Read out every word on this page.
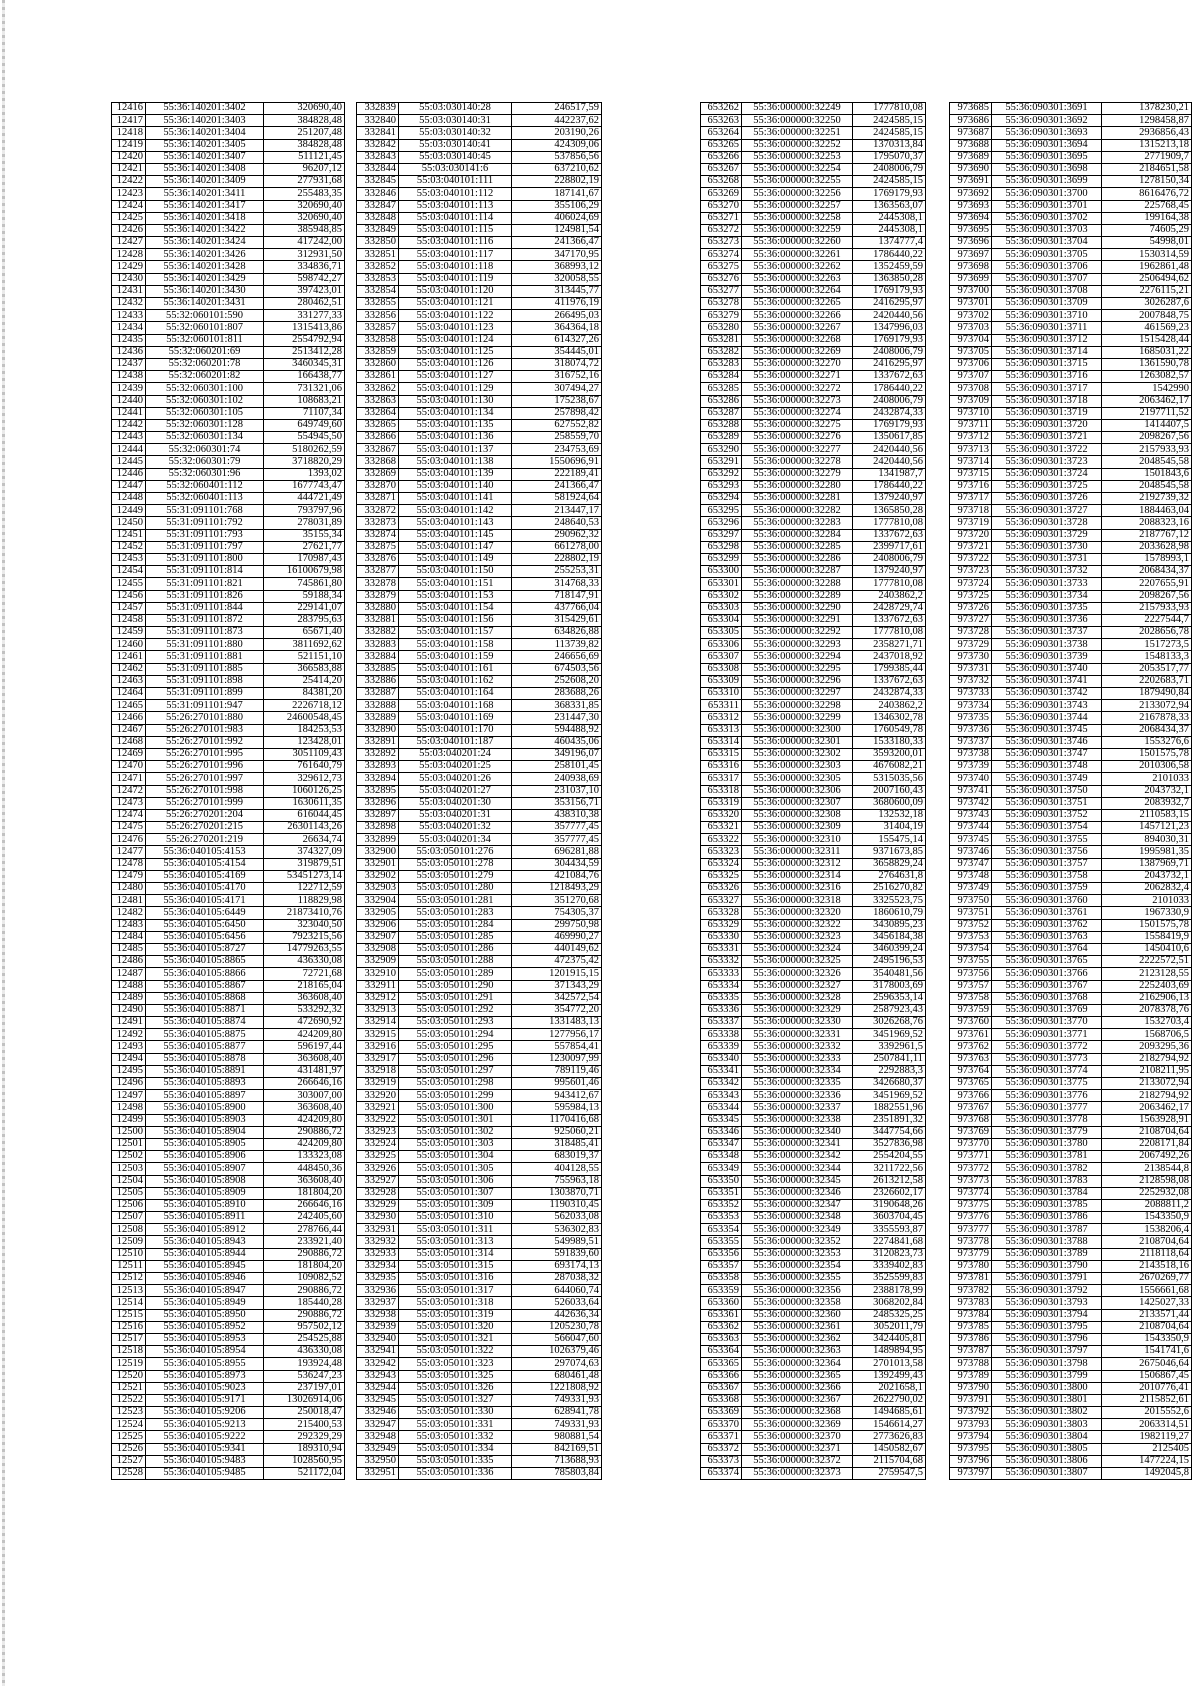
12416	55:36:140201:3402	320690,40
12417	55:36:140201:3403	384828,48
12418	55:36:140201:3404	251207,48
12419	55:36:140201:3405	384828,48
12420	55:36:140201:3407	511121,45
12421	55:36:140201:3408	96207,12
12422	55:36:140201:3409	277931,68
12423	55:36:140201:3411	255483,35
12424	55:36:140201:3417	320690,40
12425	55:36:140201:3418	320690,40
12426	55:36:140201:3422	385948,85
12427	55:36:140201:3424	417242,00
12428	55:36:140201:3426	312931,50
12429	55:36:140201:3428	334836,71
12430	55:36:140201:3429	598742,27
12431	55:36:140201:3430	397423,01
12432	55:36:140201:3431	280462,51
12433	55:32:060101:590	331277,33
12434	55:32:060101:807	1315413,86
12435	55:32:060101:811	2554792,94
12436	55:32:060201:69	2513412,28
12437	55:32:060201:78	3460345,31
12438	55:32:060201:82	166438,77
12439	55:32:060301:100	731321,06
12440	55:32:060301:102	108683,21
12441	55:32:060301:105	71107,34
12442	55:32:060301:128	649749,60
12443	55:32:060301:134	554945,50
12444	55:32:060301:74	5180262,59
12445	55:32:060301:79	3718820,29
12446	55:32:060301:96	1393,02
12447	55:32:060401:112	1677743,47
12448	55:32:060401:113	444721,49
12449	55:31:091101:768	793797,96
12450	55:31:091101:792	278031,89
12451	55:31:091101:793	35155,34
12452	55:31:091101:797	27621,77
12453	55:31:091101:800	170987,43
12454	55:31:091101:814	16100679,98
12455	55:31:091101:821	745861,80
12456	55:31:091101:826	59188,34
12457	55:31:091101:844	229141,07
12458	55:31:091101:872	283795,63
12459	55:31:091101:873	65671,40
12460	55:31:091101:880	3811692,62
12461	55:31:091101:881	521151,10
12462	55:31:091101:885	366583,88
12463	55:31:091101:898	25414,20
12464	55:31:091101:899	84381,20
12465	55:31:091101:947	2226718,12
12466	55:26:270101:880	24600548,45
12467	55:26:270101:983	184253,53
12468	55:26:270101:992	123428,01
12469	55:26:270101:995	3051109,43
12470	55:26:270101:996	761640,79
12471	55:26:270101:997	329612,73
12472	55:26:270101:998	1060126,25
12473	55:26:270101:999	1630611,35
12474	55:26:270201:204	616044,45
12475	55:26:270201:215	26301143,26
12476	55:26:270201:219	26634,74
12477	55:36:040105:4153	374327,09
12478	55:36:040105:4154	319879,51
12479	55:36:040105:4169	53451273,14
12480	55:36:040105:4170	122712,59
12481	55:36:040105:4171	118829,98
12482	55:36:040105:6449	21873410,76
12483	55:36:040105:6450	323040,50
12484	55:36:040105:6456	7923215,56
12485	55:36:040105:8727	14779263,55
12486	55:36:040105:8865	436330,08
12487	55:36:040105:8866	72721,68
12488	55:36:040105:8867	218165,04
12489	55:36:040105:8868	363608,40
12490	55:36:040105:8871	533292,32
12491	55:36:040105:8874	472690,92
12492	55:36:040105:8875	424209,80
12493	55:36:040105:8877	596197,44
12494	55:36:040105:8878	363608,40
12495	55:36:040105:8891	431481,97
12496	55:36:040105:8893	266646,16
12497	55:36:040105:8897	303007,00
12498	55:36:040105:8900	363608,40
12499	55:36:040105:8903	424209,80
12500	55:36:040105:8904	290886,72
12501	55:36:040105:8905	424209,80
12502	55:36:040105:8906	133323,08
12503	55:36:040105:8907	448450,36
12504	55:36:040105:8908	363608,40
12505	55:36:040105:8909	181804,20
12506	55:36:040105:8910	266646,16
12507	55:36:040105:8911	242405,60
12508	55:36:040105:8912	278766,44
12509	55:36:040105:8943	233921,40
12510	55:36:040105:8944	290886,72
12511	55:36:040105:8945	181804,20
12512	55:36:040105:8946	109082,52
12513	55:36:040105:8947	290886,72
12514	55:36:040105:8949	185440,28
12515	55:36:040105:8950	290886,72
12516	55:36:040105:8952	957502,12
12517	55:36:040105:8953	254525,88
12518	55:36:040105:8954	436330,08
12519	55:36:040105:8955	193924,48
12520	55:36:040105:8973	536247,23
12521	55:36:040105:9023	237197,01
12522	55:36:040105:9171	13026914,06
12523	55:36:040105:9206	250018,47
12524	55:36:040105:9213	215400,53
12525	55:36:040105:9222	292329,29
12526	55:36:040105:9341	189310,94
12527	55:36:040105:9483	1028560,95
12528	55:36:040105:9485	521172,04
332839	55:03:030140:28	246517,59
332840	55:03:030140:31	442237,62
332841	55:03:030140:32	203190,26
332842	55:03:030140:41	424309,06
332843	55:03:030140:45	537856,56
332844	55:03:030141:6	637210,62
332845	55:03:040101:111	228802,19
332846	55:03:040101:112	187141,67
332847	55:03:040101:113	355106,29
332848	55:03:040101:114	406024,69
332849	55:03:040101:115	124981,54
332850	55:03:040101:116	241366,47
332851	55:03:040101:117	347170,95
332852	55:03:040101:118	368993,12
332853	55:03:040101:119	320058,55
332854	55:03:040101:120	313445,77
332855	55:03:040101:121	411976,19
332856	55:03:040101:122	266495,03
332857	55:03:040101:123	364364,18
332858	55:03:040101:124	614327,26
332859	55:03:040101:125	354445,01
332860	55:03:040101:126	318074,72
332861	55:03:040101:127	316752,16
332862	55:03:040101:129	307494,27
332863	55:03:040101:130	175238,67
332864	55:03:040101:134	257898,42
332865	55:03:040101:135	627552,82
332866	55:03:040101:136	258559,70
332867	55:03:040101:137	234753,69
332868	55:03:040101:138	1550696,91
332869	55:03:040101:139	222189,41
332870	55:03:040101:140	241366,47
332871	55:03:040101:141	581924,64
332872	55:03:040101:142	213447,17
332873	55:03:040101:143	248640,53
332874	55:03:040101:145	290962,32
332875	55:03:040101:147	661278,00
332876	55:03:040101:149	228802,19
332877	55:03:040101:150	255253,31
332878	55:03:040101:151	314768,33
332879	55:03:040101:153	718147,91
332880	55:03:040101:154	437766,04
332881	55:03:040101:156	315429,61
332882	55:03:040101:157	634826,88
332883	55:03:040101:158	113739,82
332884	55:03:040101:159	246656,69
332885	55:03:040101:161	674503,56
332886	55:03:040101:162	252608,20
332887	55:03:040101:164	283688,26
332888	55:03:040101:168	368331,85
332889	55:03:040101:169	231447,30
332890	55:03:040101:170	594488,92
332891	55:03:040101:187	460435,06
332892	55:03:040201:24	349196,07
332893	55:03:040201:25	258101,45
332894	55:03:040201:26	240938,69
332895	55:03:040201:27	231037,10
332896	55:03:040201:30	353156,71
332897	55:03:040201:31	438310,38
332898	55:03:040201:32	357777,45
332899	55:03:040201:34	357777,45
332900	55:03:050101:276	696281,88
332901	55:03:050101:278	304434,59
332902	55:03:050101:279	421084,76
332903	55:03:050101:280	1218493,29
332904	55:03:050101:281	351270,68
332905	55:03:050101:283	754305,37
332906	55:03:050101:284	299750,98
332907	55:03:050101:285	469990,27
332908	55:03:050101:286	440149,62
332909	55:03:050101:288	472375,42
332910	55:03:050101:289	1201915,15
332911	55:03:050101:290	371343,29
332912	55:03:050101:291	342572,54
332913	55:03:050101:292	354772,20
332914	55:03:050101:293	1331483,13
332915	55:03:050101:294	1277956,17
332916	55:03:050101:295	557854,41
332917	55:03:050101:296	1230097,99
332918	55:03:050101:297	789119,46
332919	55:03:050101:298	995601,46
332920	55:03:050101:299	943412,67
332921	55:03:050101:300	595984,13
332922	55:03:050101:301	1170416,68
332923	55:03:050101:302	925060,21
332924	55:03:050101:303	318485,41
332925	55:03:050101:304	683019,37
332926	55:03:050101:305	404128,55
332927	55:03:050101:306	755963,18
332928	55:03:050101:307	1303870,71
332929	55:03:050101:309	1190310,45
332930	55:03:050101:310	562033,08
332931	55:03:050101:311	536302,83
332932	55:03:050101:313	549989,51
332933	55:03:050101:314	591839,60
332934	55:03:050101:315	693174,13
332935	55:03:050101:316	287038,32
332936	55:03:050101:317	644060,74
332937	55:03:050101:318	526033,64
332938	55:03:050101:319	442636,34
332939	55:03:050101:320	1205230,78
332940	55:03:050101:321	566047,60
332941	55:03:050101:322	1026379,46
332942	55:03:050101:323	297074,63
332943	55:03:050101:325	680461,48
332944	55:03:050101:326	1221808,92
332945	55:03:050101:327	749331,93
332946	55:03:050101:330	628941,78
332947	55:03:050101:331	749331,93
332948	55:03:050101:332	980881,54
332949	55:03:050101:334	842169,51
332950	55:03:050101:335	713688,93
332951	55:03:050101:336	785803,84
653262	55:36:000000:32249	1777810,08
653263	55:36:000000:32250	2424585,15
653264	55:36:000000:32251	2424585,15
653265	55:36:000000:32252	1370313,84
653266	55:36:000000:32253	1795070,37
653267	55:36:000000:32254	2408006,79
653268	55:36:000000:32255	2424585,15
653269	55:36:000000:32256	1769179,93
653270	55:36:000000:32257	1363563,07
653271	55:36:000000:32258	2445308,1
653272	55:36:000000:32259	2445308,1
653273	55:36:000000:32260	1374777,4
653274	55:36:000000:32261	1786440,22
653275	55:36:000000:32262	1352459,59
653276	55:36:000000:32263	1363850,28
653277	55:36:000000:32264	1769179,93
653278	55:36:000000:32265	2416295,97
653279	55:36:000000:32266	2420440,56
653280	55:36:000000:32267	1347996,03
653281	55:36:000000:32268	1769179,93
653282	55:36:000000:32269	2408006,79
653283	55:36:000000:32270	2416295,97
653284	55:36:000000:32271	1337672,63
653285	55:36:000000:32272	1786440,22
653286	55:36:000000:32273	2408006,79
653287	55:36:000000:32274	2432874,33
653288	55:36:000000:32275	1769179,93
653289	55:36:000000:32276	1350617,85
653290	55:36:000000:32277	2420440,56
653291	55:36:000000:32278	2420440,56
653292	55:36:000000:32279	1341987,7
653293	55:36:000000:32280	1786440,22
653294	55:36:000000:32281	1379240,97
653295	55:36:000000:32282	1365850,28
653296	55:36:000000:32283	1777810,08
653297	55:36:000000:32284	1337672,63
653298	55:36:000000:32285	2399717,61
653299	55:36:000000:32286	2408006,79
653300	55:36:000000:32287	1379240,97
653301	55:36:000000:32288	1777810,08
653302	55:36:000000:32289	2403862,2
653303	55:36:000000:32290	2428729,74
653304	55:36:000000:32291	1337672,63
653305	55:36:000000:32292	1777810,08
653306	55:36:000000:32293	2358271,71
653307	55:36:000000:32294	2437018,92
653308	55:36:000000:32295	1799385,44
653309	55:36:000000:32296	1337672,63
653310	55:36:000000:32297	2432874,33
653311	55:36:000000:32298	2403862,2
653312	55:36:000000:32299	1346302,78
653313	55:36:000000:32300	1760549,78
653314	55:36:000000:32301	1533180,33
653315	55:36:000000:32302	3593200,01
653316	55:36:000000:32303	4676082,21
653317	55:36:000000:32305	5315035,56
653318	55:36:000000:32306	2007160,43
653319	55:36:000000:32307	3680600,09
653320	55:36:000000:32308	132532,18
653321	55:36:000000:32309	31404,19
653322	55:36:000000:32310	155475,14
653323	55:36:000000:32311	9371673,85
653324	55:36:000000:32312	3658829,24
653325	55:36:000000:32314	2764631,8
653326	55:36:000000:32316	2516270,82
653327	55:36:000000:32318	3325523,75
653328	55:36:000000:32320	1860610,79
653329	55:36:000000:32322	3430895,23
653330	55:36:000000:32323	3456184,38
653331	55:36:000000:32324	3460399,24
653332	55:36:000000:32325	2495196,53
653333	55:36:000000:32326	3540481,56
653334	55:36:000000:32327	3178003,69
653335	55:36:000000:32328	2596353,14
653336	55:36:000000:32329	2587923,43
653337	55:36:000000:32330	3026268,76
653338	55:36:000000:32331	3451969,52
653339	55:36:000000:32332	3392961,5
653340	55:36:000000:32333	2507841,11
653341	55:36:000000:32334	2292883,3
653342	55:36:000000:32335	3426680,37
653343	55:36:000000:32336	3451969,52
653344	55:36:000000:32337	1882551,96
653345	55:36:000000:32338	2351891,32
653346	55:36:000000:32340	3447754,66
653347	55:36:000000:32341	3527836,98
653348	55:36:000000:32342	2554204,55
653349	55:36:000000:32344	3211722,56
653350	55:36:000000:32345	2613212,58
653351	55:36:000000:32346	2326602,17
653352	55:36:000000:32347	3190648,26
653353	55:36:000000:32348	3603704,45
653354	55:36:000000:32349	3355593,87
653355	55:36:000000:32352	2274841,68
653356	55:36:000000:32353	3120823,73
653357	55:36:000000:32354	3339402,83
653358	55:36:000000:32355	3525599,83
653359	55:36:000000:32356	2388178,99
653360	55:36:000000:32358	3068202,84
653361	55:36:000000:32360	2485325,25
653362	55:36:000000:32361	3052011,79
653363	55:36:000000:32362	3424405,81
653364	55:36:000000:32363	1489894,95
653365	55:36:000000:32364	2701013,58
653366	55:36:000000:32365	1392499,43
653367	55:36:000000:32366	2021658,1
653368	55:36:000000:32367	2622790,02
653369	55:36:000000:32368	1494685,61
653370	55:36:000000:32369	1546614,27
653371	55:36:000000:32370	2773626,83
653372	55:36:000000:32371	1450582,67
653373	55:36:000000:32372	2115704,68
653374	55:36:000000:32373	2759547,5
973685	55:36:090301:3691	1378230,21
973686	55:36:090301:3692	1298458,87
973687	55:36:090301:3693	2936856,43
973688	55:36:090301:3694	1315213,18
973689	55:36:090301:3695	2771909,7
973690	55:36:090301:3698	2184651,58
973691	55:36:090301:3699	1278150,34
973692	55:36:090301:3700	8616476,72
973693	55:36:090301:3701	225768,45
973694	55:36:090301:3702	199164,38
973695	55:36:090301:3703	74605,29
973696	55:36:090301:3704	54998,01
973697	55:36:090301:3705	1530314,59
973698	55:36:090301:3706	1962861,48
973699	55:36:090301:3707	2506494,62
973700	55:36:090301:3708	2276115,21
973701	55:36:090301:3709	3026287,6
973702	55:36:090301:3710	2007848,75
973703	55:36:090301:3711	461569,23
973704	55:36:090301:3712	1515428,44
973705	55:36:090301:3714	1685031,22
973706	55:36:090301:3715	1361590,78
973707	55:36:090301:3716	1263082,57
973708	55:36:090301:3717	1542990
973709	55:36:090301:3718	2063462,17
973710	55:36:090301:3719	2197711,52
973711	55:36:090301:3720	1414407,5
973712	55:36:090301:3721	2098267,56
973713	55:36:090301:3722	2157933,93
973714	55:36:090301:3723	2048545,58
973715	55:36:090301:3724	1501843,6
973716	55:36:090301:3725	2048545,58
973717	55:36:090301:3726	2192739,32
973718	55:36:090301:3727	1884463,04
973719	55:36:090301:3728	2088323,16
973720	55:36:090301:3729	2187767,12
973721	55:36:090301:3730	2033628,98
973722	55:36:090301:3731	1578993,1
973723	55:36:090301:3732	2068434,37
973724	55:36:090301:3733	2207655,91
973725	55:36:090301:3734	2098267,56
973726	55:36:090301:3735	2157933,93
973727	55:36:090301:3736	2227544,7
973728	55:36:090301:3737	2028656,78
973729	55:36:090301:3738	1517273,5
973730	55:36:090301:3739	1548133,3
973731	55:36:090301:3740	2053517,77
973732	55:36:090301:3741	2202683,71
973733	55:36:090301:3742	1879490,84
973734	55:36:090301:3743	2133072,94
973735	55:36:090301:3744	2167878,33
973736	55:36:090301:3745	2068434,37
973737	55:36:090301:3746	1553276,6
973738	55:36:090301:3747	1501575,78
973739	55:36:090301:3748	2010306,58
973740	55:36:090301:3749	2101033
973741	55:36:090301:3750	2043732,1
973742	55:36:090301:3751	2083932,7
973743	55:36:090301:3752	2110583,15
973744	55:36:090301:3754	1457121,23
973745	55:36:090301:3755	894030,31
973746	55:36:090301:3756	1995981,35
973747	55:36:090301:3757	1387969,71
973748	55:36:090301:3758	2043732,1
973749	55:36:090301:3759	2062832,4
973750	55:36:090301:3760	2101033
973751	55:36:090301:3761	1967330,9
973752	55:36:090301:3762	1501575,78
973753	55:36:090301:3763	1558419,9
973754	55:36:090301:3764	1450410,6
973755	55:36:090301:3765	2222572,51
973756	55:36:090301:3766	2123128,55
973757	55:36:090301:3767	2252403,69
973758	55:36:090301:3768	2162906,13
973759	55:36:090301:3769	2078378,76
973760	55:36:090301:3770	1532703,4
973761	55:36:090301:3771	1568706,5
973762	55:36:090301:3772	2093295,36
973763	55:36:090301:3773	2182794,92
973764	55:36:090301:3774	2108211,95
973765	55:36:090301:3775	2133072,94
973766	55:36:090301:3776	2182794,92
973767	55:36:090301:3777	2063462,17
973768	55:36:090301:3778	1563928,91
973769	55:36:090301:3779	2108704,64
973770	55:36:090301:3780	2208171,84
973771	55:36:090301:3781	2067492,26
973772	55:36:090301:3782	2138544,8
973773	55:36:090301:3783	2128598,08
973774	55:36:090301:3784	2252932,08
973775	55:36:090301:3785	2088811,2
973776	55:36:090301:3786	1543350,9
973777	55:36:090301:3787	1538206,4
973778	55:36:090301:3788	2108704,64
973779	55:36:090301:3789	2118118,64
973780	55:36:090301:3790	2143518,16
973781	55:36:090301:3791	2670269,77
973782	55:36:090301:3792	1556661,68
973783	55:36:090301:3793	1425027,33
973784	55:36:090301:3794	2133571,44
973785	55:36:090301:3795	2108704,64
973786	55:36:090301:3796	1543350,9
973787	55:36:090301:3797	1541741,6
973788	55:36:090301:3798	2675046,64
973789	55:36:090301:3799	1506867,45
973790	55:36:090301:3800	2010776,41
973791	55:36:090301:3801	2115852,61
973792	55:36:090301:3802	2015552,6
973793	55:36:090301:3803	2063314,51
973794	55:36:090301:3804	1982119,27
973795	55:36:090301:3805	2125405
973796	55:36:090301:3806	1477224,15
973797	55:36:090301:3807	1492045,8
